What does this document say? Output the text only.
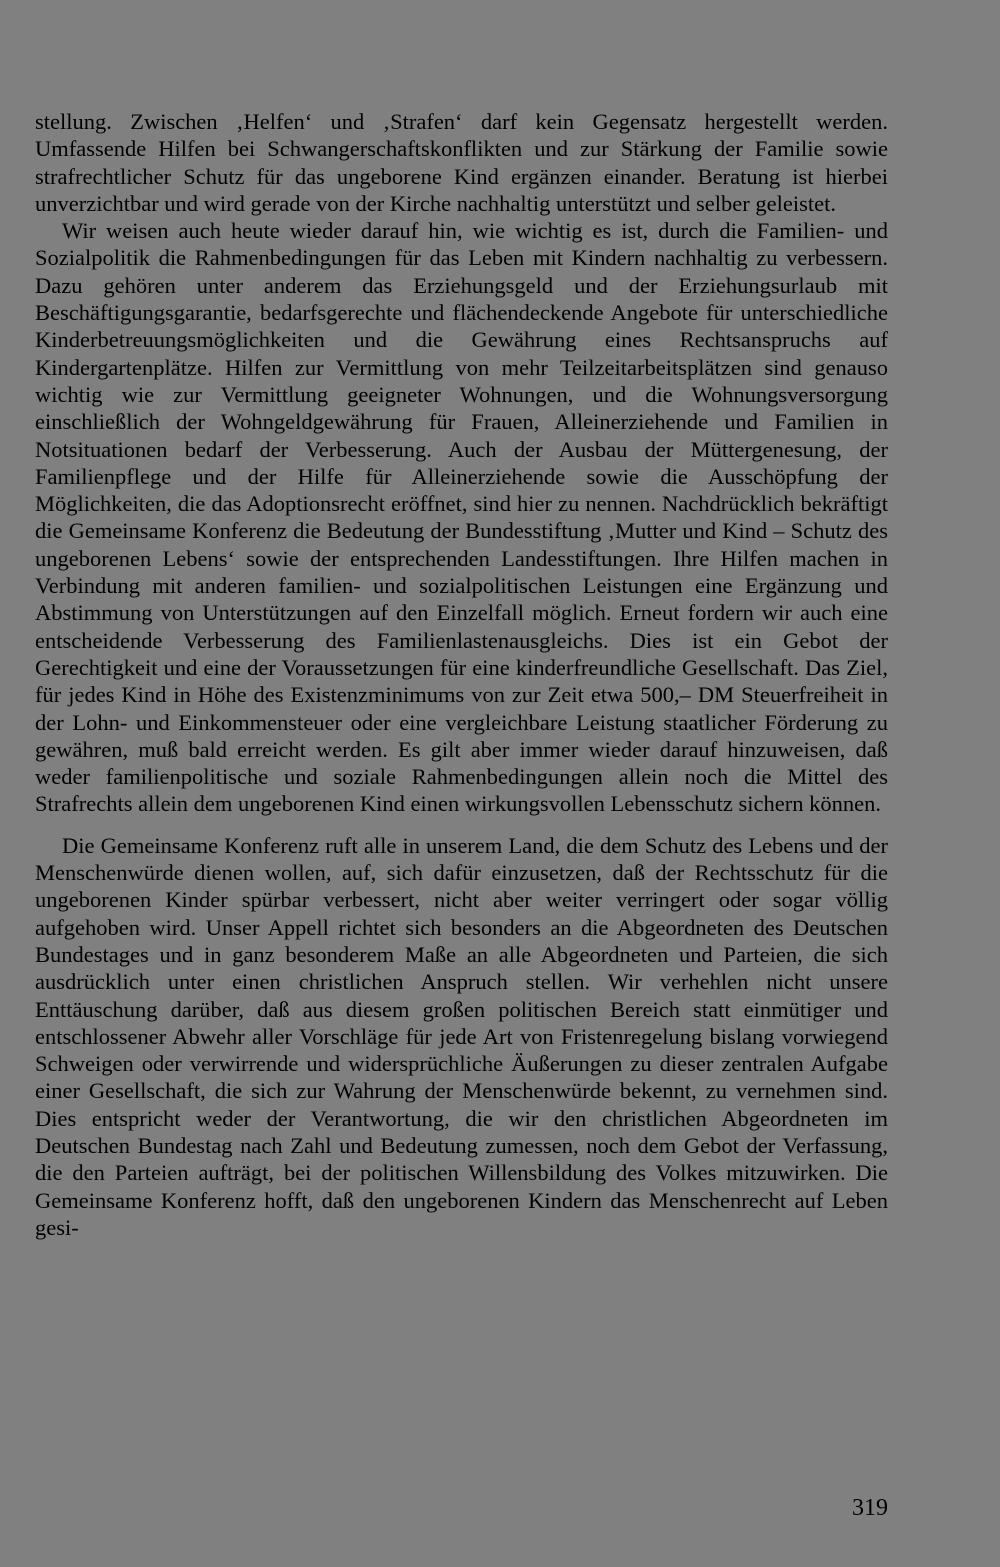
stellung. Zwischen ‚Helfen‘ und ‚Strafen‘ darf kein Gegensatz hergestellt werden. Umfassende Hilfen bei Schwangerschaftskonflikten und zur Stärkung der Familie sowie strafrechtlicher Schutz für das ungeborene Kind ergänzen einander. Beratung ist hierbei unverzichtbar und wird gerade von der Kirche nachhaltig unterstützt und selber geleistet.

Wir weisen auch heute wieder darauf hin, wie wichtig es ist, durch die Familien- und Sozialpolitik die Rahmenbedingungen für das Leben mit Kindern nachhaltig zu verbessern. Dazu gehören unter anderem das Erziehungsgeld und der Erziehungsurlaub mit Beschäftigungsgarantie, bedarfsgerechte und flächendeckende Angebote für unterschiedliche Kinderbetreuungsmöglichkeiten und die Gewährung eines Rechtsanspruchs auf Kindergartenplätze. Hilfen zur Vermittlung von mehr Teilzeitarbeitsplätzen sind genauso wichtig wie zur Vermittlung geeigneter Wohnungen, und die Wohnungsversorgung einschließlich der Wohngeldgewährung für Frauen, Alleinerziehende und Familien in Notsituationen bedarf der Verbesserung. Auch der Ausbau der Müttergenesung, der Familienpflege und der Hilfe für Alleinerziehende sowie die Ausschöpfung der Möglichkeiten, die das Adoptionsrecht eröffnet, sind hier zu nennen. Nachdrücklich bekräftigt die Gemeinsame Konferenz die Bedeutung der Bundesstiftung ‚Mutter und Kind – Schutz des ungeborenen Lebens‘ sowie der entsprechenden Landesstiftungen. Ihre Hilfen machen in Verbindung mit anderen familien- und sozialpolitischen Leistungen eine Ergänzung und Abstimmung von Unterstützungen auf den Einzelfall möglich. Erneut fordern wir auch eine entscheidende Verbesserung des Familienlastenausgleichs. Dies ist ein Gebot der Gerechtigkeit und eine der Voraussetzungen für eine kinderfreundliche Gesellschaft. Das Ziel, für jedes Kind in Höhe des Existenzminimums von zur Zeit etwa 500,– DM Steuerfreiheit in der Lohn- und Einkommensteuer oder eine vergleichbare Leistung staatlicher Förderung zu gewähren, muß bald erreicht werden. Es gilt aber immer wieder darauf hinzuweisen, daß weder familienpolitische und soziale Rahmenbedingungen allein noch die Mittel des Strafrechts allein dem ungeborenen Kind einen wirkungsvollen Lebensschutz sichern können.

Die Gemeinsame Konferenz ruft alle in unserem Land, die dem Schutz des Lebens und der Menschenwürde dienen wollen, auf, sich dafür einzusetzen, daß der Rechtsschutz für die ungeborenen Kinder spürbar verbessert, nicht aber weiter verringert oder sogar völlig aufgehoben wird. Unser Appell richtet sich besonders an die Abgeordneten des Deutschen Bundestages und in ganz besonderem Maße an alle Abgeordneten und Parteien, die sich ausdrücklich unter einen christlichen Anspruch stellen. Wir verhehlen nicht unsere Enttäuschung darüber, daß aus diesem großen politischen Bereich statt einmütiger und entschlossener Abwehr aller Vorschläge für jede Art von Fristenregelung bislang vorwiegend Schweigen oder verwirrende und widersprüchliche Äußerungen zu dieser zentralen Aufgabe einer Gesellschaft, die sich zur Wahrung der Menschenwürde bekennt, zu vernehmen sind. Dies entspricht weder der Verantwortung, die wir den christlichen Abgeordneten im Deutschen Bundestag nach Zahl und Bedeutung zumessen, noch dem Gebot der Verfassung, die den Parteien aufträgt, bei der politischen Willensbildung des Volkes mitzuwirken. Die Gemeinsame Konferenz hofft, daß den ungeborenen Kindern das Menschenrecht auf Leben gesi-

319
